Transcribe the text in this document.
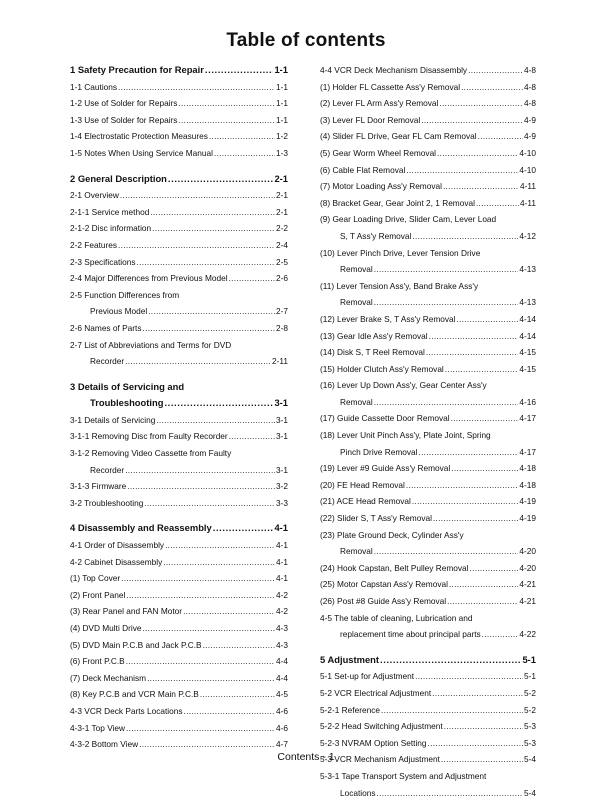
Table of contents
1 Safety Precaution for Repair .....	1-1
1-1 Cautions .....	1-1
1-2 Use of Solder for Repairs .....	1-1
1-3 Use of Solder for Repairs .....	1-1
1-4 Electrostatic Protection Measures .....	1-2
1-5 Notes When Using Service Manual .....	1-3
2 General Description .....	2-1
2-1 Overview .....	2-1
2-1-1 Service method .....	2-1
2-1-2 Disc information .....	2-2
2-2 Features .....	2-4
2-3 Specifications .....	2-5
2-4 Major Differences from Previous Model .....	2-6
2-5 Function Differences from
Previous Model .....	2-7
2-6 Names of Parts .....	2-8
2-7 List of Abbreviations and Terms for DVD
Recorder .....	2-11
3 Details of Servicing and
Troubleshooting .....	3-1
3-1 Details of Servicing .....	3-1
3-1-1 Removing Disc from Faulty Recorder .....	3-1
3-1-2 Removing Video Cassette from Faulty
Recorder .....	3-1
3-1-3 Firmware .....	3-2
3-2 Troubleshooting .....	3-3
4 Disassembly and Reassembly .....	4-1
4-1 Order of Disassembly .....	4-1
4-2 Cabinet Disassembly .....	4-1
(1) Top Cover .....	4-1
(2) Front Panel .....	4-2
(3) Rear Panel and FAN Motor .....	4-2
(4) DVD Multi Drive .....	4-3
(5) DVD Main P.C.B and Jack P.C.B .....	4-3
(6) Front P.C.B .....	4-4
(7) Deck Mechanism .....	4-4
(8) Key P.C.B and VCR Main P.C.B .....	4-5
4-3 VCR Deck Parts Locations .....	4-6
4-3-1 Top View .....	4-6
4-3-2 Bottom View .....	4-7
4-4 VCR Deck Mechanism Disassembly .....	4-8
(1) Holder FL Cassette Ass'y Removal .....	4-8
(2) Lever FL Arm Ass'y Removal .....	4-8
(3) Lever FL Door Removal .....	4-9
(4) Slider FL Drive, Gear FL Cam Removal .....	4-9
(5) Gear Worm Wheel Removal .....	4-10
(6) Cable Flat Removal .....	4-10
(7) Motor Loading Ass'y Removal .....	4-11
(8) Bracket Gear, Gear Joint 2, 1 Removal .....	4-11
(9) Gear Loading Drive, Slider Cam, Lever Load
S, T Ass'y Removal .....	4-12
(10) Lever Pinch Drive, Lever Tension Drive
Removal .....	4-13
(11) Lever Tension Ass'y, Band Brake Ass'y
Removal .....	4-13
(12) Lever Brake S, T Ass'y Removal .....	4-14
(13) Gear Idle Ass'y Removal .....	4-14
(14) Disk S, T Reel Removal .....	4-15
(15) Holder Clutch Ass'y Removal .....	4-15
(16) Lever Up Down Ass'y, Gear Center Ass'y
Removal .....	4-16
(17) Guide Cassette Door Removal .....	4-17
(18) Lever Unit Pinch Ass'y, Plate Joint, Spring
Pinch Drive Removal .....	4-17
(19) Lever #9 Guide Ass'y Removal .....	4-18
(20) FE Head Removal .....	4-18
(21) ACE Head Removal .....	4-19
(22) Slider S, T Ass'y Removal .....	4-19
(23) Plate Ground Deck, Cylinder Ass'y
Removal .....	4-20
(24) Hook Capstan, Belt Pulley Removal .....	4-20
(25) Motor Capstan Ass'y Removal .....	4-21
(26) Post #8 Guide Ass'y Removal .....	4-21
4-5 The table of cleaning, Lubrication and
replacement time about principal parts .....	4-22
5 Adjustment .....	5-1
5-1 Set-up for Adjustment .....	5-1
5-2 VCR Electrical Adjustment .....	5-2
5-2-1 Reference .....	5-2
5-2-2 Head Switching Adjustment .....	5-3
5-2-3 NVRAM Option Setting .....	5-3
5-3 VCR Mechanism Adjustment .....	5-4
5-3-1 Tape Transport System and Adjustment
Locations .....	5-4
Contents - 1
